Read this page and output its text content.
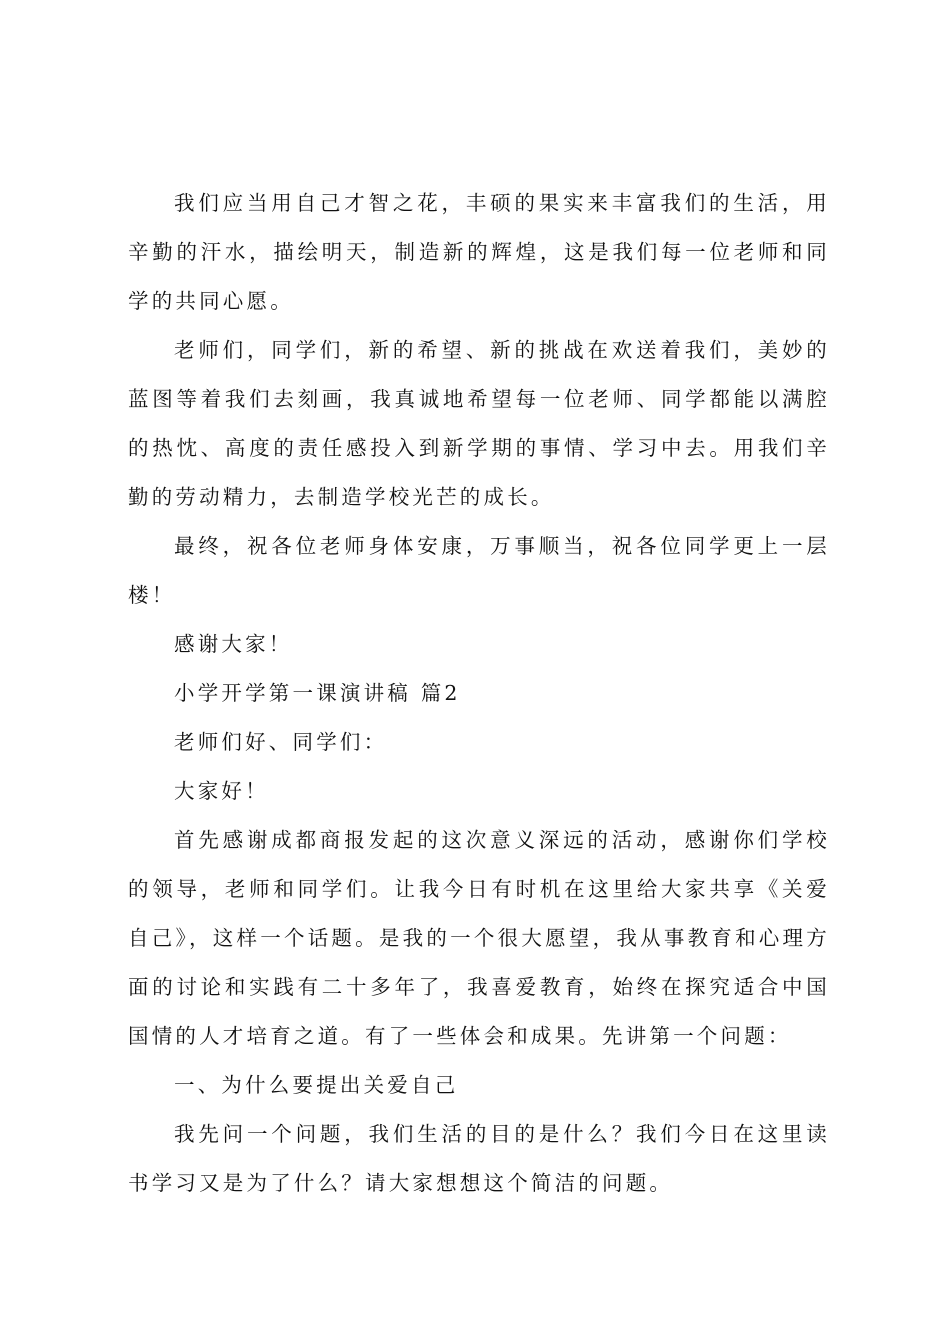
我们应当用自己才智之花，丰硕的果实来丰富我们的生活，用辛勤的汗水，描绘明天，制造新的辉煌，这是我们每一位老师和同学的共同心愿。

老师们，同学们，新的希望、新的挑战在欢送着我们，美妙的蓝图等着我们去刻画，我真诚地希望每一位老师、同学都能以满腔的热忱、高度的责任感投入到新学期的事情、学习中去。用我们辛勤的劳动精力，去制造学校光芒的成长。

最终，祝各位老师身体安康，万事顺当，祝各位同学更上一层楼！

感谢大家！

小学开学第一课演讲稿 篇2

老师们好、同学们：

大家好！

首先感谢成都商报发起的这次意义深远的活动，感谢你们学校的领导，老师和同学们。让我今日有时机在这里给大家共享《关爱自己》，这样一个话题。是我的一个很大愿望，我从事教育和心理方面的讨论和实践有二十多年了，我喜爱教育，始终在探究适合中国国情的人才培育之道。有了一些体会和成果。先讲第一个问题：

一、为什么要提出关爱自己

我先问一个问题，我们生活的目的是什么？我们今日在这里读书学习又是为了什么？请大家想想这个简洁的问题。
